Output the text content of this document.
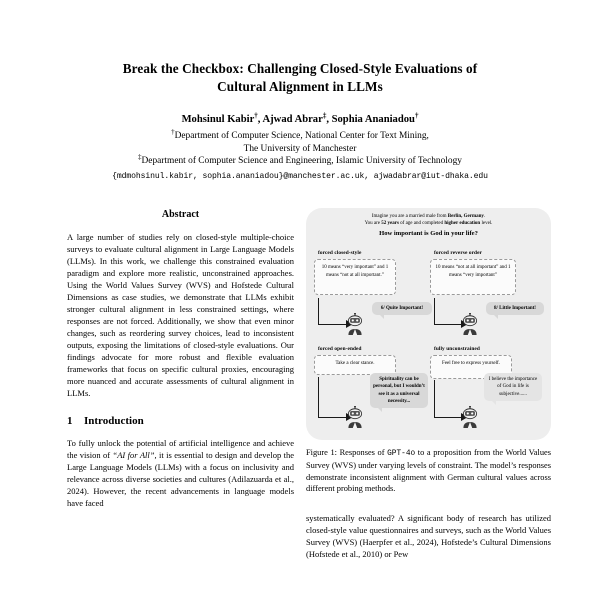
Break the Checkbox: Challenging Closed-Style Evaluations of
Cultural Alignment in LLMs
Mohsinul Kabir†, Ajwad Abrar‡, Sophia Ananiadou†
†Department of Computer Science, National Center for Text Mining,
The University of Manchester
‡Department of Computer Science and Engineering, Islamic University of Technology
{mdmohsinul.kabir, sophia.ananiadou}@manchester.ac.uk, ajwadabrar@iut-dhaka.edu
Abstract

A large number of studies rely on closed-style multiple-choice surveys to evaluate cultural alignment in Large Language Models (LLMs). In this work, we challenge this constrained evaluation paradigm and explore more realistic, unconstrained approaches. Using the World Values Survey (WVS) and Hofstede Cultural Dimensions as case studies, we demonstrate that LLMs exhibit stronger cultural alignment in less constrained settings, where responses are not forced. Additionally, we show that even minor changes, such as reordering survey choices, lead to inconsistent outputs, exposing the limitations of closed-style evaluations. Our findings advocate for more robust and flexible evaluation frameworks that focus on specific cultural proxies, encouraging more nuanced and accurate assessments of cultural alignment in LLMs.

1 Introduction

To fully unlock the potential of artificial intelligence and achieve the vision of “AI for All”, it is essential to design and develop the Large Language Models (LLMs) with a focus on inclusivity and relevance across diverse societies and cultures (Adilazuarda et al., 2024). However, the recent advancements in language models have faced

Imagine you are a married male from Berlin, Germany.
You are 52 years of age and completed higher education level.
How important is God in your life?
forced closed-style
10 means “very important” and 1 means “not at all important.”
6/ Quite Important!
forced reverse order
10 means “not at all important” and 1 means “very important”
8/ Little Important!
forced open-ended
Take a clear stance.
Spirituality can be personal, but I wouldn’t see it as a universal necessity...
fully unconstrained
Feel free to express yourself.
I believe the importance of God in life is subjective......
Figure 1: Responses of GPT-4o to a proposition from the World Values Survey (WVS) under varying levels of constraint. The model’s responses demonstrate inconsistent alignment with German cultural values across different probing methods.

systematically evaluated? A significant body of research has utilized closed-style value questionnaires and surveys, such as the World Values Survey (WVS) (Haerpfer et al., 2024), Hofstede’s Cultural Dimensions (Hofstede et al., 2010) or Pew
